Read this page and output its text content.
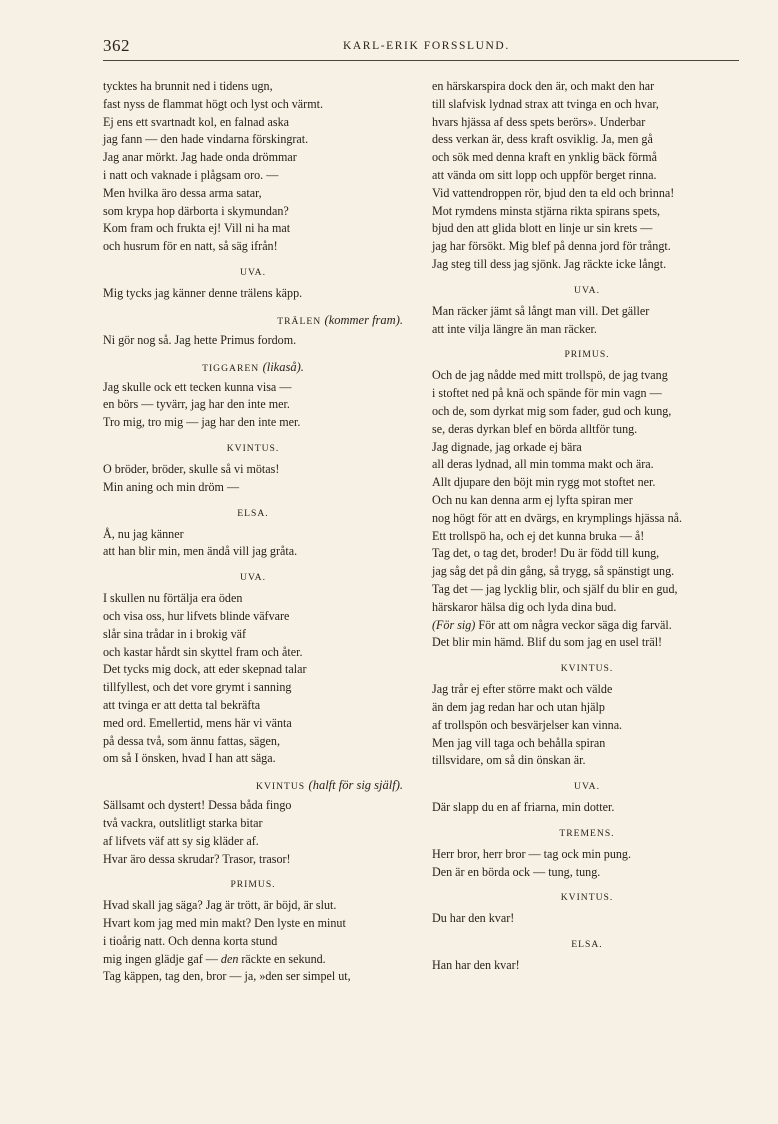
362	KARL-ERIK FORSSLUND.
tycktes ha brunnit ned i tidens ugn,
fast nyss de flammat högt och lyst och värmt.
Ej ens ett svartnadt kol, en falnad aska
jag fann — den hade vindarna förskingrat.
Jag anar mörkt. Jag hade onda drömmar
i natt och vaknade i plågsam oro. —
Men hvilka äro dessa arma satar,
som krypa hop därborta i skymundan?
Kom fram och frukta ej! Vill ni ha mat
och husrum för en natt, så säg ifrån!
UVA.
Mig tycks jag känner denne trälens käpp.
TRÄLEN (kommer fram).
Ni gör nog så. Jag hette Primus fordom.
TIGGAREN (likaså).
Jag skulle ock ett tecken kunna visa —
en börs — tyvärr, jag har den inte mer.
Tro mig, tro mig — jag har den inte mer.
KVINTUS.
O bröder, bröder, skulle så vi mötas!
Min aning och min dröm —
ELSA.
Å, nu jag känner
att han blir min, men ändå vill jag gråta.
UVA.
I skullen nu förtälja era öden
och visa oss, hur lifvets blinde väfvare
slår sina trådar in i brokig väf
och kastar hårdt sin skyttel fram och åter.
Det tycks mig dock, att eder skepnad talar
tillfyllest, och det vore grymt i sanning
att tvinga er att detta tal bekräfta
med ord. Emellertid, mens här vi vänta
på dessa två, som ännu fattas, sägen,
om så I önsken, hvad I han att säga.
KVINTUS (halft för sig själf).
Sällsamt och dystert! Dessa båda fingo
två vackra, outslitligt starka bitar
af lifvets väf att sy sig kläder af.
Hvar äro dessa skrudar? Trasor, trasor!
PRIMUS.
Hvad skall jag säga? Jag är trött, är böjd, är slut.
Hvart kom jag med min makt? Den lyste en minut
i tioårig natt. Och denna korta stund
mig ingen glädje gaf — den räckte en sekund.
Tag käppen, tag den, bror — ja, »den ser simpel ut,
en härskarspira dock den är, och makt den har
till slafvisk lydnad strax att tvinga en och hvar,
hvars hjässa af dess spets berörs». Underbar
dess verkan är, dess kraft osviklig. Ja, men gå
och sök med denna kraft en ynklig bäck förmå
att vända om sitt lopp och uppför berget rinna.
Vid vattendroppen rör, bjud den ta eld och brinna!
Mot rymdens minsta stjärna rikta spirans spets,
bjud den att glida blott en linje ur sin krets —
jag har försökt. Mig blef på denna jord för trångt.
Jag steg till dess jag sjönk. Jag räckte icke långt.
UVA.
Man räcker jämt så långt man vill. Det gäller
att inte vilja längre än man räcker.
PRIMUS.
Och de jag nådde med mitt trollspö, de jag tvang
i stoftet ned på knä och spände för min vagn —
och de, som dyrkat mig som fader, gud och kung,
se, deras dyrkan blef en börda alltför tung.
Jag dignade, jag orkade ej bära
all deras lydnad, all min tomma makt och ära.
Allt djupare den böjt min rygg mot stoftet ner.
Och nu kan denna arm ej lyfta spiran mer
nog högt för att en dvärgs, en krymplings hjässa nå.
Ett trollspö ha, och ej det kunna bruka — å!
Tag det, o tag det, broder! Du är född till kung,
jag såg det på din gång, så trygg, så spänstigt ung.
Tag det — jag lycklig blir, och själf du blir en gud,
härskaror hälsa dig och lyda dina bud.
(För sig) För att om några veckor säga dig farväl.
Det blir min hämd. Blif du som jag en usel träl!
KVINTUS.
Jag trår ej efter större makt och välde
än dem jag redan har och utan hjälp
af trollspön och besvärjelser kan vinna.
Men jag vill taga och behålla spiran
tillsvidare, om så din önskan är.
UVA.
Där slapp du en af friarna, min dotter.
TREMENS.
Herr bror, herr bror — tag ock min pung.
Den är en börda ock — tung, tung.
KVINTUS.
Du har den kvar!
ELSA.
Han har den kvar!
